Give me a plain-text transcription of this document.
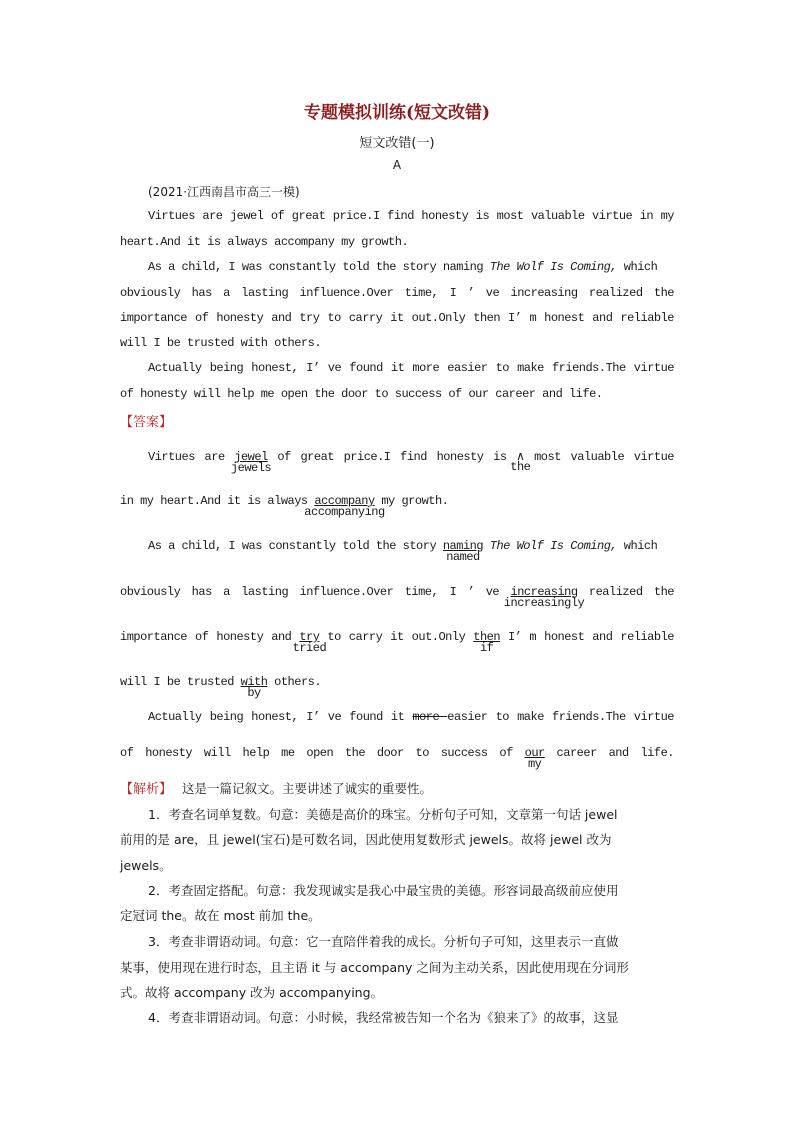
专题模拟训练(短文改错)
短文改错(一)
A
(2021·江西南昌市高三一模)
Virtues are jewel of great price.I find honesty is most valuable virtue in my
heart.And it is always accompany my growth.
As a child, I was constantly told the story naming The Wolf Is Coming, which
obviously has a lasting influence.Over time, I ’ ve increasing realized the
importance of honesty and try to carry it out.Only then I’ m honest and reliable
will I be trusted with others.
Actually being honest, I’ ve found it more easier to make friends.The virtue
of honesty will help me open the door to success of our career and life.
【答案】
Virtues are jewel
jewels
of great price.I find honesty is ∧
the
most valuable virtue
in my heart.And it is always accompany
accompanying
my growth.
As a child, I was constantly told the story naming
named
The Wolf Is Coming, which
obviously has a lasting influence.Over time, I ’ ve increasing
increasingly
realized the
importance of honesty and try
tried
to carry it out.Only then
if
I’ m honest and reliable
will I be trusted with
by
others.
Actually being honest, I’ ve found it more easier to make friends.The virtue
of honesty will help me open the door to success of our
my
career and life.
【解析】 这是一篇记叙文。主要讲述了诚实的重要性。
1．考查名词单复数。句意：美德是高价的珠宝。分析句子可知，文章第一句话 jewel
前用的是 are，且 jewel(宝石)是可数名词，因此使用复数形式 jewels。故将 jewel 改为
jewels。
2．考查固定搭配。句意：我发现诚实是我心中最宝贵的美德。形容词最高级前应使用
定冠词 the。故在 most 前加 the。
3．考查非谓语动词。句意：它一直陪伴着我的成长。分析句子可知，这里表示一直做
某事，使用现在进行时态，且主语 it 与 accompany 之间为主动关系，因此使用现在分词形
式。故将 accompany 改为 accompanying。
4．考查非谓语动词。句意：小时候，我经常被告知一个名为《狼来了》的故事，这显
